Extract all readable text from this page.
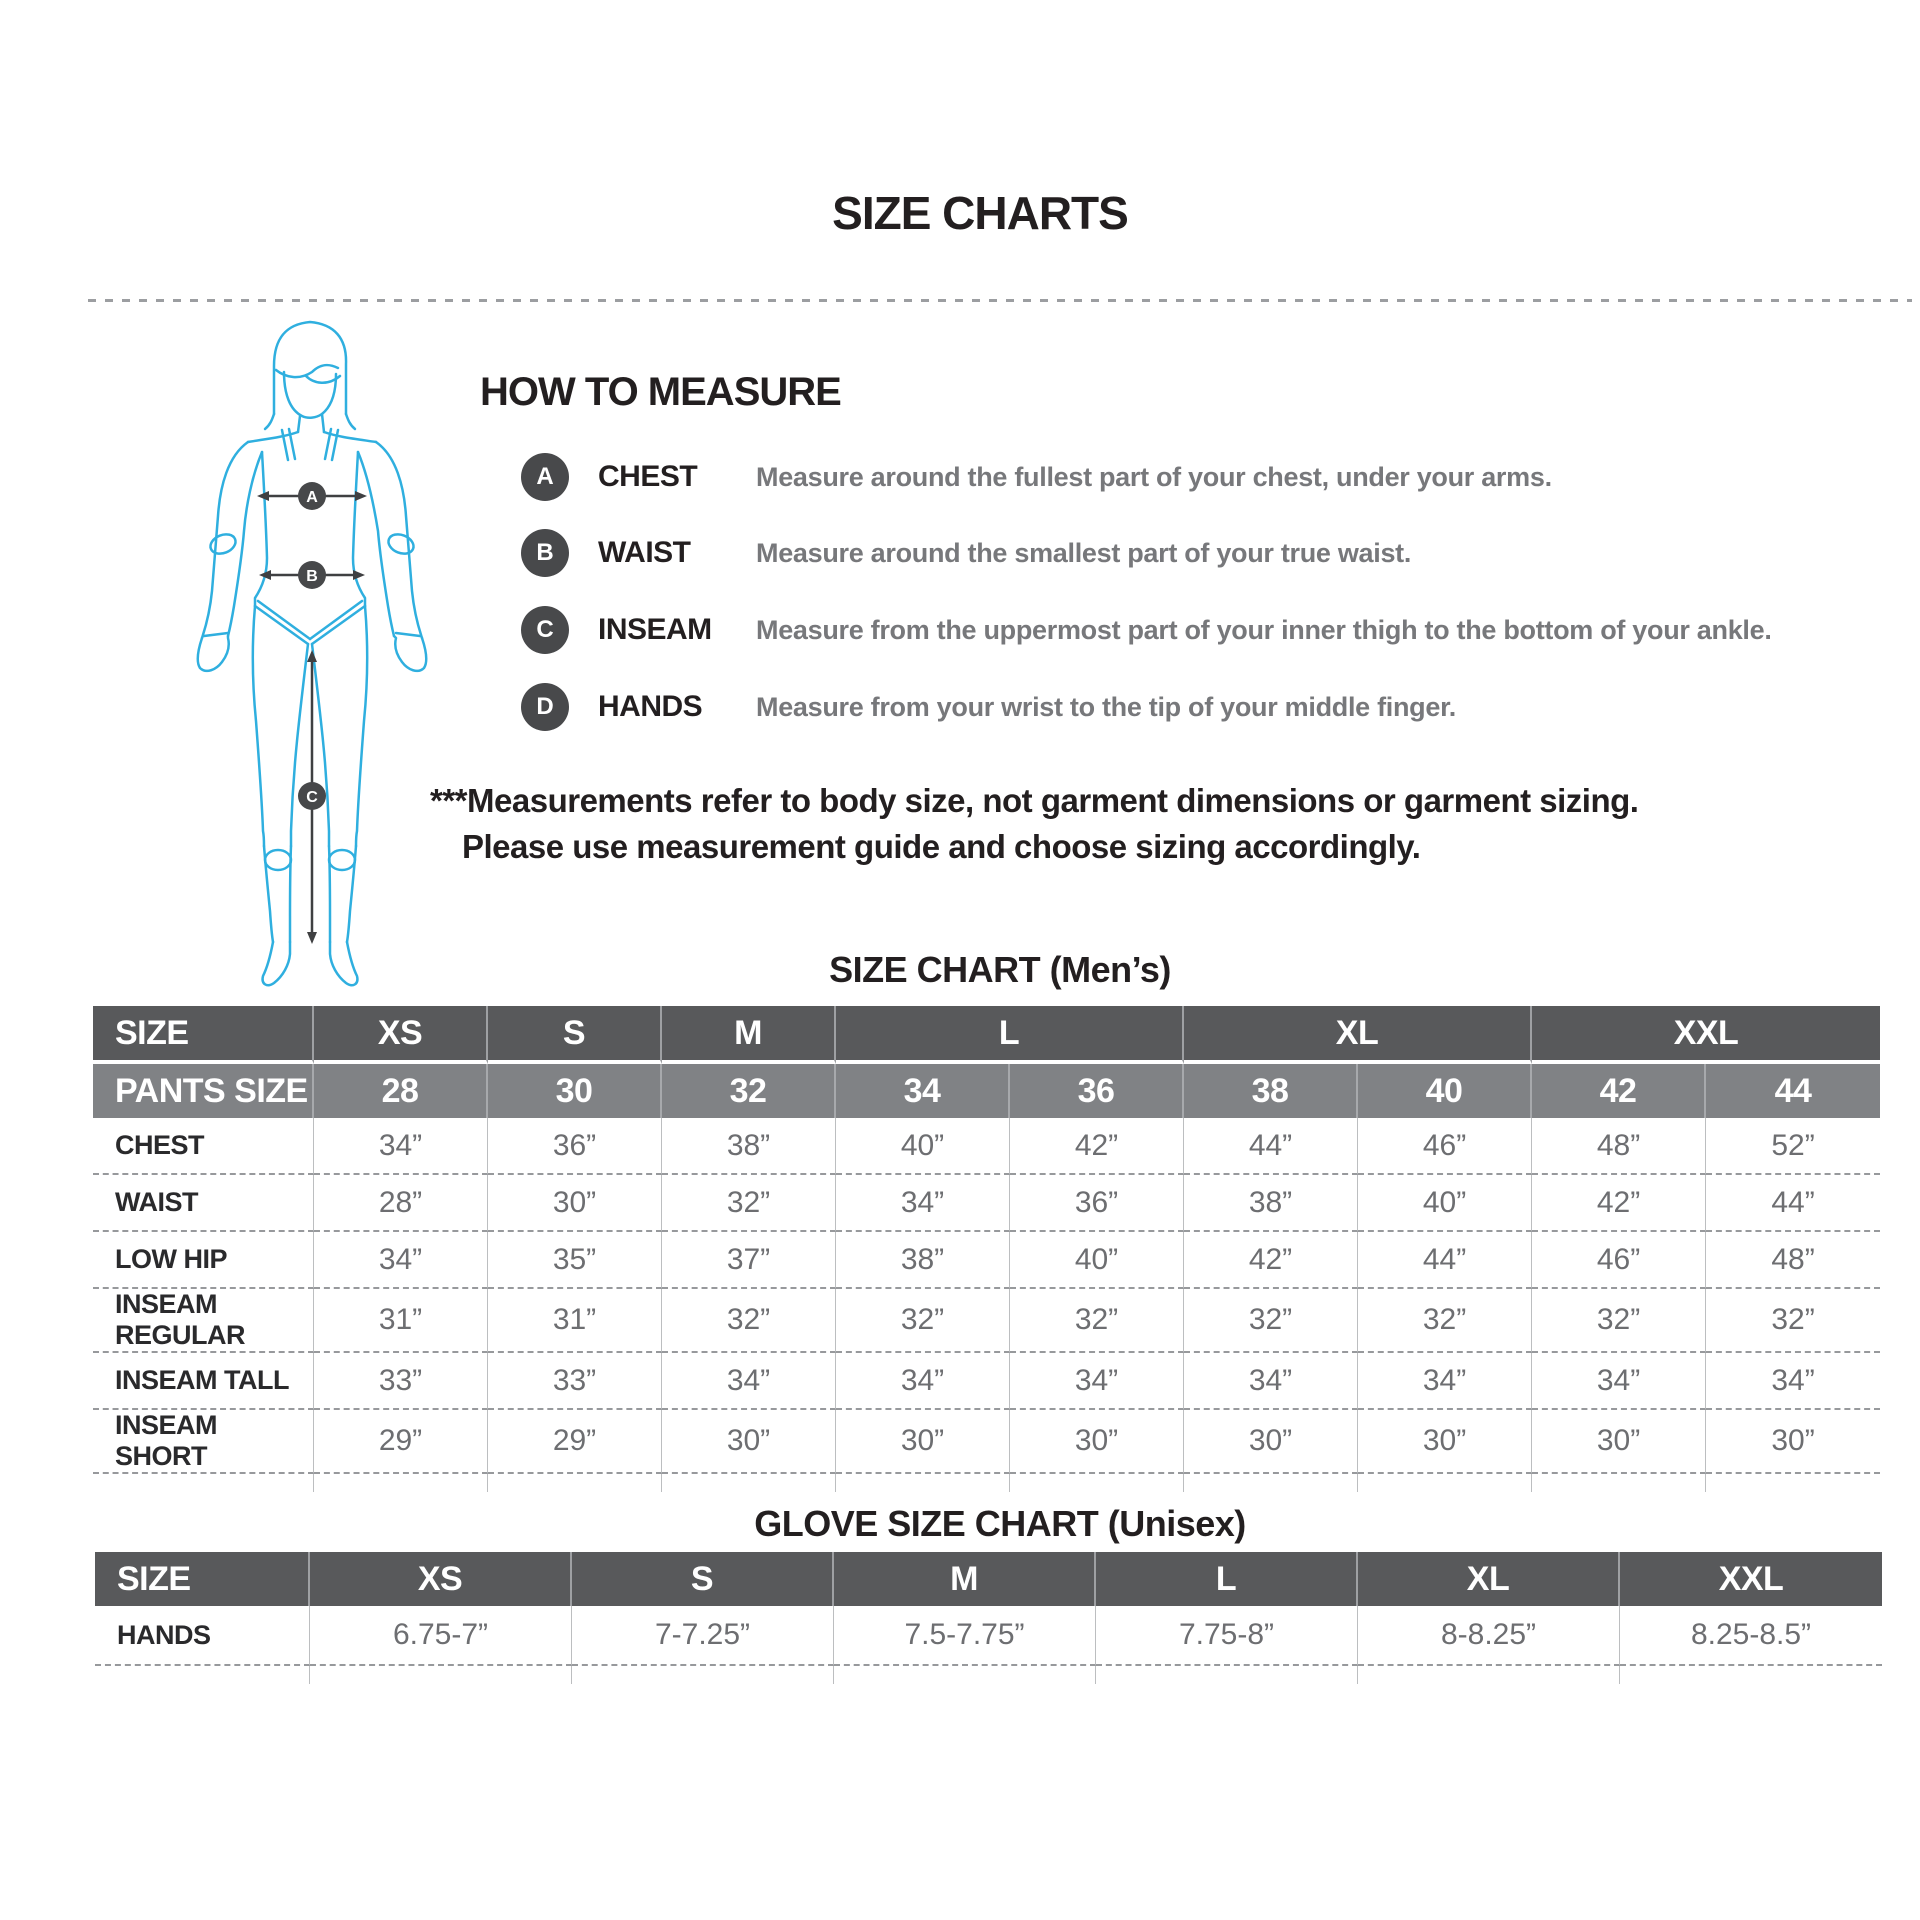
SIZE CHARTS
A
B
C
HOW TO MEASURE
A	CHEST Measure around the fullest part of your chest, under your arms.
B	WAIST Measure around the smallest part of your true waist.
C	INSEAM Measure from the uppermost part of your inner thigh to the bottom of your ankle.
D	HANDS Measure from your wrist to the tip of your middle finger.
***Measurements refer to body size, not garment dimensions or garment sizing.
Please use measurement guide and choose sizing accordingly.
SIZE CHART (Men’s)
SIZE	XS	S	M	L		XL		XXL	
PANTS SIZE	28	30	32	34	36	38	40	42	44
CHEST	34”	36”	38”	40”	42”	44”	46”	48”	52”
WAIST	28”	30”	32”	34”	36”	38”	40”	42”	44”
LOW HIP	34”	35”	37”	38”	40”	42”	44”	46”	48”
INSEAM REGULAR	31”	31”	32”	32”	32”	32”	32”	32”	32”
INSEAM TALL	33”	33”	34”	34”	34”	34”	34”	34”	34”
INSEAM SHORT	29”	29”	30”	30”	30”	30”	30”	30”	30”

GLOVE SIZE CHART (Unisex)
SIZE	XS	S	M	L	XL	XXL
HANDS	6.75-7”	7-7.25”	7.5-7.75”	7.75-8”	8-8.25”	8.25-8.5”
